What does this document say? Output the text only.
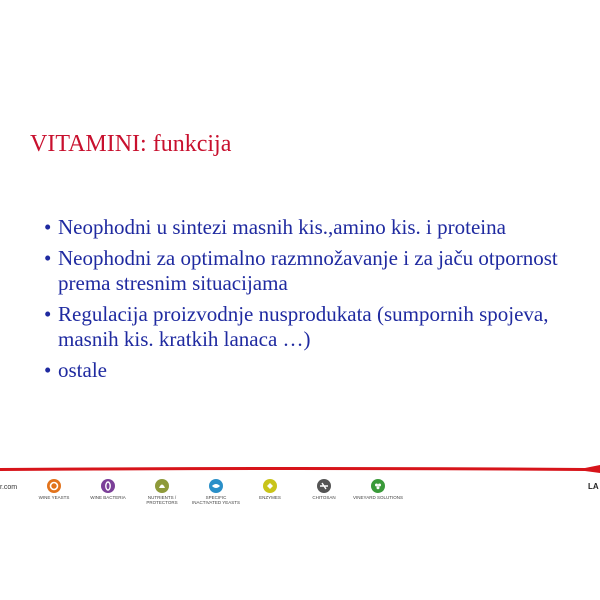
VITAMINI: funkcija
• Neophodni u sintezi masnih kis.,amino kis. i proteina
• Neophodni za optimalno razmnožavanje i za jaču otpornost prema stresnim situacijama
• Regulacija proizvodnje nusprodukata (sumpornih spojeva, masnih kis. kratkih lanaca …)
• ostale
r.com	LA
WINE YEASTS	WINE BACTERIA	NUTRIENTS / PROTECTORS
SPECIFIC INACTIVATED YEASTS
ENZYMES	CHITOSAN	VINEYARD SOLUTIONS
